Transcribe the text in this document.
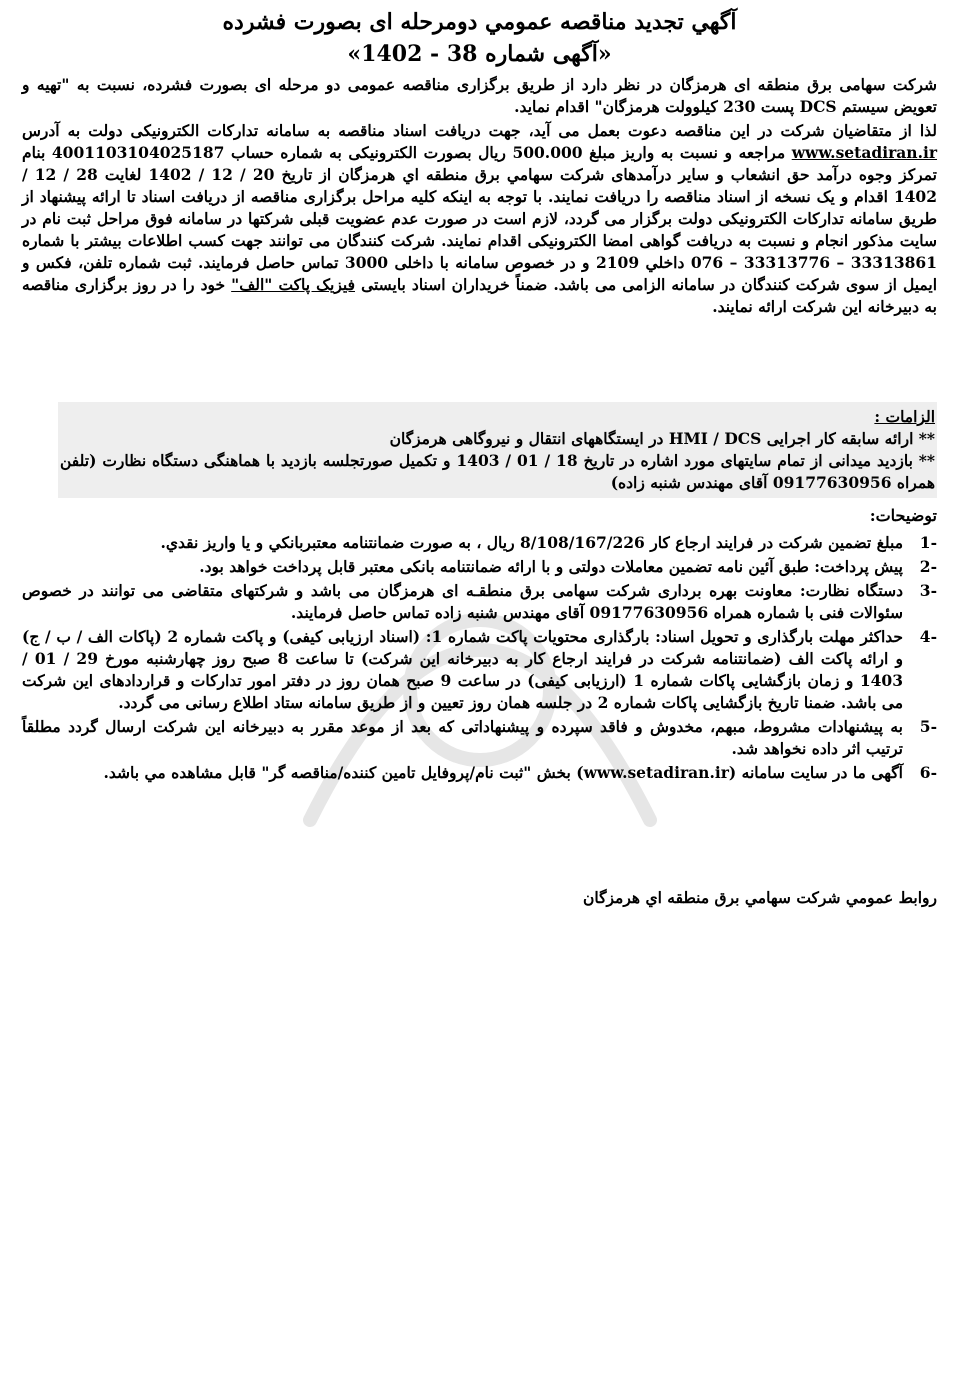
آگهي تجديد مناقصه عمومي دومرحله ای بصورت فشرده
«آگهی شماره 38 - 1402»

شرکت سهامی برق منطقه ای هرمزگان در نظر دارد از طریق برگزاری مناقصه عمومی دو مرحله ای بصورت فشرده، نسبت به "تهیه و تعویض سیستم DCS پست 230 کیلوولت هرمزگان" اقدام نماید.

لذا از متقاضیان شرکت در این مناقصه دعوت بعمل می آید، جهت دریافت اسناد مناقصه به سامانه تدارکات الکترونیکی دولت به آدرس www.setadiran.ir مراجعه و نسبت به واریز مبلغ 500.000 ریال بصورت الکترونیکی به شماره حساب 4001103104025187 بنام تمرکز وجوه درآمد حق انشعاب و سایر درآمدهای شرکت سهامي برق منطقه اي هرمزگان از تاریخ 20 / 12 / 1402 لغایت 28 / 12 / 1402 اقدام و یک نسخه از اسناد مناقصه را دریافت نمایند. با توجه به اینکه کلیه مراحل برگزاری مناقصه از دریافت اسناد تا ارائه پیشنهاد از طریق سامانه تدارکات الکترونیکی دولت برگزار می گردد، لازم است در صورت عدم عضویت قبلی شرکتها در سامانه فوق مراحل ثبت نام در سایت مذکور انجام و نسبت به دریافت گواهی امضا الکترونیکی اقدام نمایند. شرکت کنندگان می توانند جهت کسب اطلاعات بیشتر با شماره 33313861 – 33313776 – 076 داخلي 2109 و در خصوص سامانه با داخلی 3000 تماس حاصل فرمایند. ثبت شماره تلفن، فکس و ایمیل از سوی شرکت کنندگان در سامانه الزامی می باشد. ضمناً خریداران اسناد بایستی فیزیک پاکت "الف" خود را در روز برگزاری مناقصه به دبیرخانه این شرکت ارائه نمایند.

الزامات :
** ارائه سابقه کار اجرایی HMI / DCS در ایستگاههای انتقال و نیروگاهی هرمزگان
** بازدید میدانی از تمام سایتهای مورد اشاره در تاریخ 18 / 01 / 1403 و تکمیل صورتجلسه بازدید با هماهنگی دستگاه نظارت (تلفن همراه 09177630956 آقای مهندس شنبه زاده)
توضیحات:
-1
مبلغ تضمین شرکت در فرایند ارجاع کار 8/108/167/226 ریال ، به صورت ضمانتنامه معتبربانکي و يا واريز نقدي.
-2
پیش پرداخت: طبق آئین نامه تضمین معاملات دولتی و با ارائه ضمانتنامه بانکی معتبر قابل پرداخت خواهد بود.
-3
دستگاه نظارت: معاونت بهره برداری شرکت سهامی برق منطقـه ای هرمزگان می باشد و شرکتهای متقاضی می توانند در خصوص سئوالات فنی با شماره همراه 09177630956 آقای مهندس شنبه زاده تماس حاصل فرمایند.
-4
حداکثر مهلت بارگذاری و تحویل اسناد: بارگذاری محتویات پاکت شماره 1: (اسناد ارزیابی کیفی) و پاکت شماره 2 (پاکات الف / ب / ج) و ارائه پاکت الف (ضمانتنامه شرکت در فرایند ارجاع کار به دبیرخانه این شرکت) تا ساعت 8 صبح روز چهارشنبه مورخ 29 / 01 / 1403 و زمان بازگشایی پاکات شماره 1 (ارزیابی کیفی) در ساعت 9 صبح همان روز در دفتر امور تدارکات و قراردادهای این شرکت می باشد. ضمنا تاریخ بازگشایی پاکات شماره 2 در جلسه همان روز تعیین و از طریق سامانه ستاد اطلاع رسانی می گردد.
-5
به پیشنهادات مشروط، مبهم، مخدوش و فاقد سپرده و پیشنهاداتی که بعد از موعد مقرر به دبیرخانه این شرکت ارسال گردد مطلقاً ترتیب اثر داده نخواهد شد.
-6
آگهی ما در سایت سامانه (www.setadiran.ir) بخش "ثبت نام/پروفایل تامین کننده/مناقصه گر" قابل مشاهده مي باشد.
روابط عمومي شركت سهامي برق منطقه اي هرمزگان
